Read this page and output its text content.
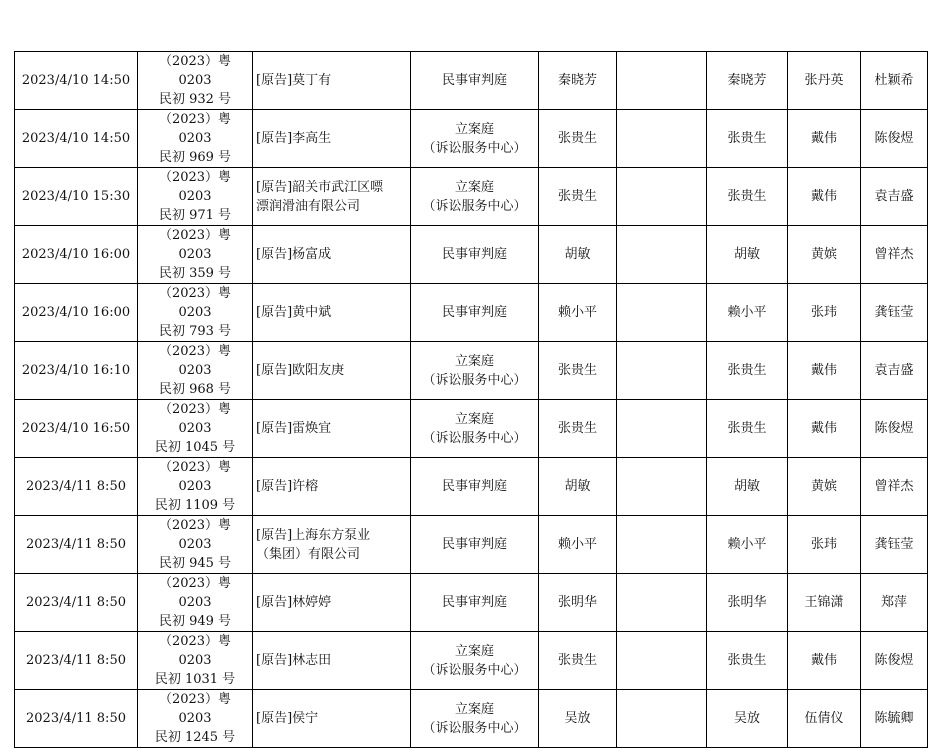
2023/4/10 14:50	（2023）粤 0203
民初 932 号	[原告]莫丁有	民事审判庭	秦晓芳		秦晓芳	张丹英	杜颖希

2023/4/10 14:50	（2023）粤 0203
民初 969 号	[原告]李高生	立案庭
（诉讼服务中心）	张贵生		张贵生	戴伟	陈俊煜

2023/4/10 15:30	（2023）粤 0203
民初 971 号	[原告]韶关市武江区嘌
漂润滑油有限公司	立案庭
（诉讼服务中心）	张贵生		张贵生	戴伟	袁吉盛

2023/4/10 16:00	（2023）粤 0203
民初 359 号	[原告]杨富成	民事审判庭	胡敏		胡敏	黄嫔	曾祥杰

2023/4/10 16:00	（2023）粤 0203
民初 793 号	[原告]黄中斌	民事审判庭	赖小平		赖小平	张玮	龚钰莹

2023/4/10 16:10	（2023）粤 0203
民初 968 号	[原告]欧阳友庚	立案庭
（诉讼服务中心）	张贵生		张贵生	戴伟	袁吉盛

2023/4/10 16:50	（2023）粤 0203
民初 1045 号	[原告]雷焕宜	立案庭
（诉讼服务中心）	张贵生		张贵生	戴伟	陈俊煜

2023/4/11 8:50	（2023）粤 0203
民初 1109 号	[原告]许榕	民事审判庭	胡敏		胡敏	黄嫔	曾祥杰

2023/4/11 8:50	（2023）粤 0203
民初 945 号	[原告]上海东方泵业
（集团）有限公司	民事审判庭	赖小平		赖小平	张玮	龚钰莹

2023/4/11 8:50	（2023）粤 0203
民初 949 号	[原告]林婷婷	民事审判庭	张明华		张明华	王锦潇	郑萍

2023/4/11 8:50	（2023）粤 0203
民初 1031 号	[原告]林志田	立案庭
（诉讼服务中心）	张贵生		张贵生	戴伟	陈俊煜

2023/4/11 8:50	（2023）粤 0203
民初 1245 号	[原告]侯宁	立案庭
（诉讼服务中心）	吴放		吴放	伍倩仪	陈毓卿
